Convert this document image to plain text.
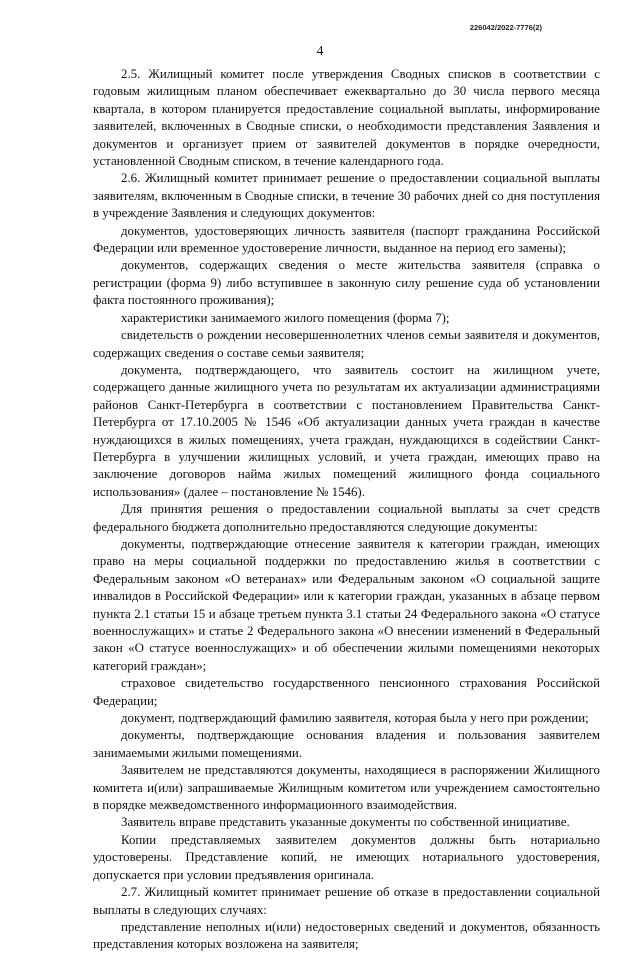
226042/2022-7776(2)
4

2.5. Жилищный комитет после утверждения Сводных списков в соответствии с годовым жилищным планом обеспечивает ежеквартально до 30 числа первого месяца квартала, в котором планируется предоставление социальной выплаты, информирование заявителей, включенных в Сводные списки, о необходимости представления Заявления и документов и организует прием от заявителей документов в порядке очередности, установленной Сводным списком, в течение календарного года.

2.6. Жилищный комитет принимает решение о предоставлении социальной выплаты заявителям, включенным в Сводные списки, в течение 30 рабочих дней со дня поступления в учреждение Заявления и следующих документов:

документов, удостоверяющих личность заявителя (паспорт гражданина Российской Федерации или временное удостоверение личности, выданное на период его замены);

документов, содержащих сведения о месте жительства заявителя (справка о регистрации (форма 9) либо вступившее в законную силу решение суда об установлении факта постоянного проживания);

характеристики занимаемого жилого помещения (форма 7);

свидетельств о рождении несовершеннолетних членов семьи заявителя и документов, содержащих сведения о составе семьи заявителя;

документа, подтверждающего, что заявитель состоит на жилищном учете, содержащего данные жилищного учета по результатам их актуализации администрациями районов Санкт-Петербурга в соответствии с постановлением Правительства Санкт-Петербурга от 17.10.2005 № 1546 «Об актуализации данных учета граждан в качестве нуждающихся в жилых помещениях, учета граждан, нуждающихся в содействии Санкт-Петербурга в улучшении жилищных условий, и учета граждан, имеющих право на заключение договоров найма жилых помещений жилищного фонда социального использования» (далее – постановление № 1546).

Для принятия решения о предоставлении социальной выплаты за счет средств федерального бюджета дополнительно предоставляются следующие документы:

документы, подтверждающие отнесение заявителя к категории граждан, имеющих право на меры социальной поддержки по предоставлению жилья в соответствии с Федеральным законом «О ветеранах» или Федеральным законом «О социальной защите инвалидов в Российской Федерации» или к категории граждан, указанных в абзаце первом пункта 2.1 статьи 15 и абзаце третьем пункта 3.1 статьи 24 Федерального закона «О статусе военнослужащих» и статье 2 Федерального закона «О внесении изменений в Федеральный закон «О статусе военнослужащих» и об обеспечении жилыми помещениями некоторых категорий граждан»;

страховое свидетельство государственного пенсионного страхования Российской Федерации;

документ, подтверждающий фамилию заявителя, которая была у него при рождении;

документы, подтверждающие основания владения и пользования заявителем занимаемыми жилыми помещениями.

Заявителем не представляются документы, находящиеся в распоряжении Жилищного комитета и(или) запрашиваемые Жилищным комитетом или учреждением самостоятельно в порядке межведомственного информационного взаимодействия.

Заявитель вправе представить указанные документы по собственной инициативе.

Копии представляемых заявителем документов должны быть нотариально удостоверены. Представление копий, не имеющих нотариального удостоверения, допускается при условии предъявления оригинала.

2.7. Жилищный комитет принимает решение об отказе в предоставлении социальной выплаты в следующих случаях:

представление неполных и(или) недостоверных сведений и документов, обязанность представления которых возложена на заявителя;
